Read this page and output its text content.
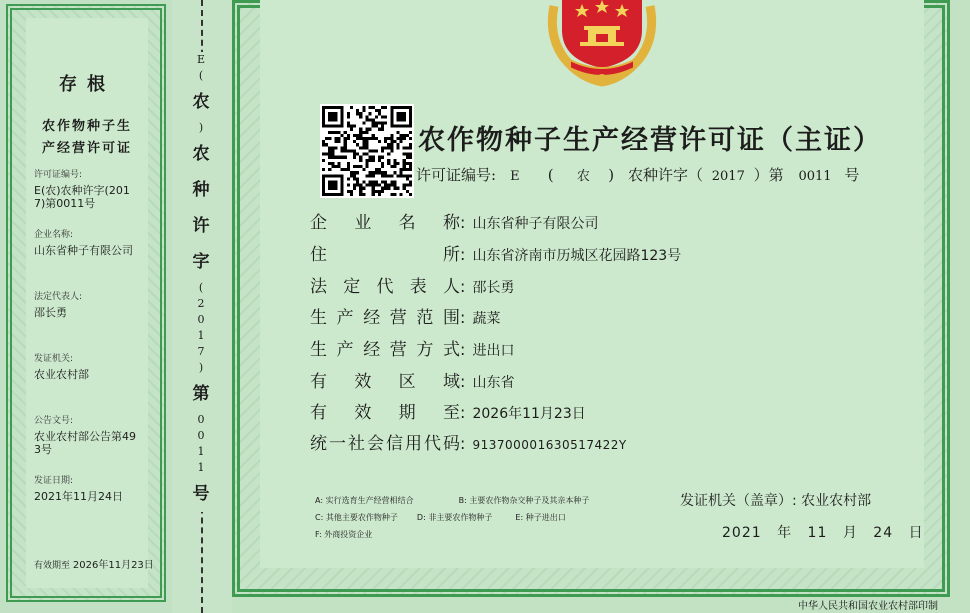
存根
农作物种子生
产经营许可证
许可证编号:
E(农)农种许字(2017)第0011号
企业名称:
山东省种子有限公司
法定代表人:
邵长勇
发证机关:
农业农村部
公告文号:
农业农村部公告第493号
发证日期:
2021年11月24日
有效期至 2026年11月23日
E
(
农
)
农
种
许
字
(
2
0
1
7
)
第
0
0
1
1
号
农作物种子生产经营许可证（主证）
许可证编号: E ( 农 ) 农种许字（ 2017 ）第 0011 号
企业名称: 山东省种子有限公司
住所: 山东省济南市历城区花园路123号
法定代表人: 邵长勇
生产经营范围: 蔬菜
生产经营方式: 进出口
有效区域: 山东省
有效期至: 2026年11月23日
统一社会信用代码: 913700001630517422Y
A: 实行选育生产经营相结合	B: 主要农作物杂交种子及其亲本种子
C: 其他主要农作物种子 D: 非主要农作物种子	E: 种子进出口
F: 外商投资企业
发证机关（盖章）: 农业农村部
2021 年 11 月 24 日
中华人民共和国农业农村部印制
